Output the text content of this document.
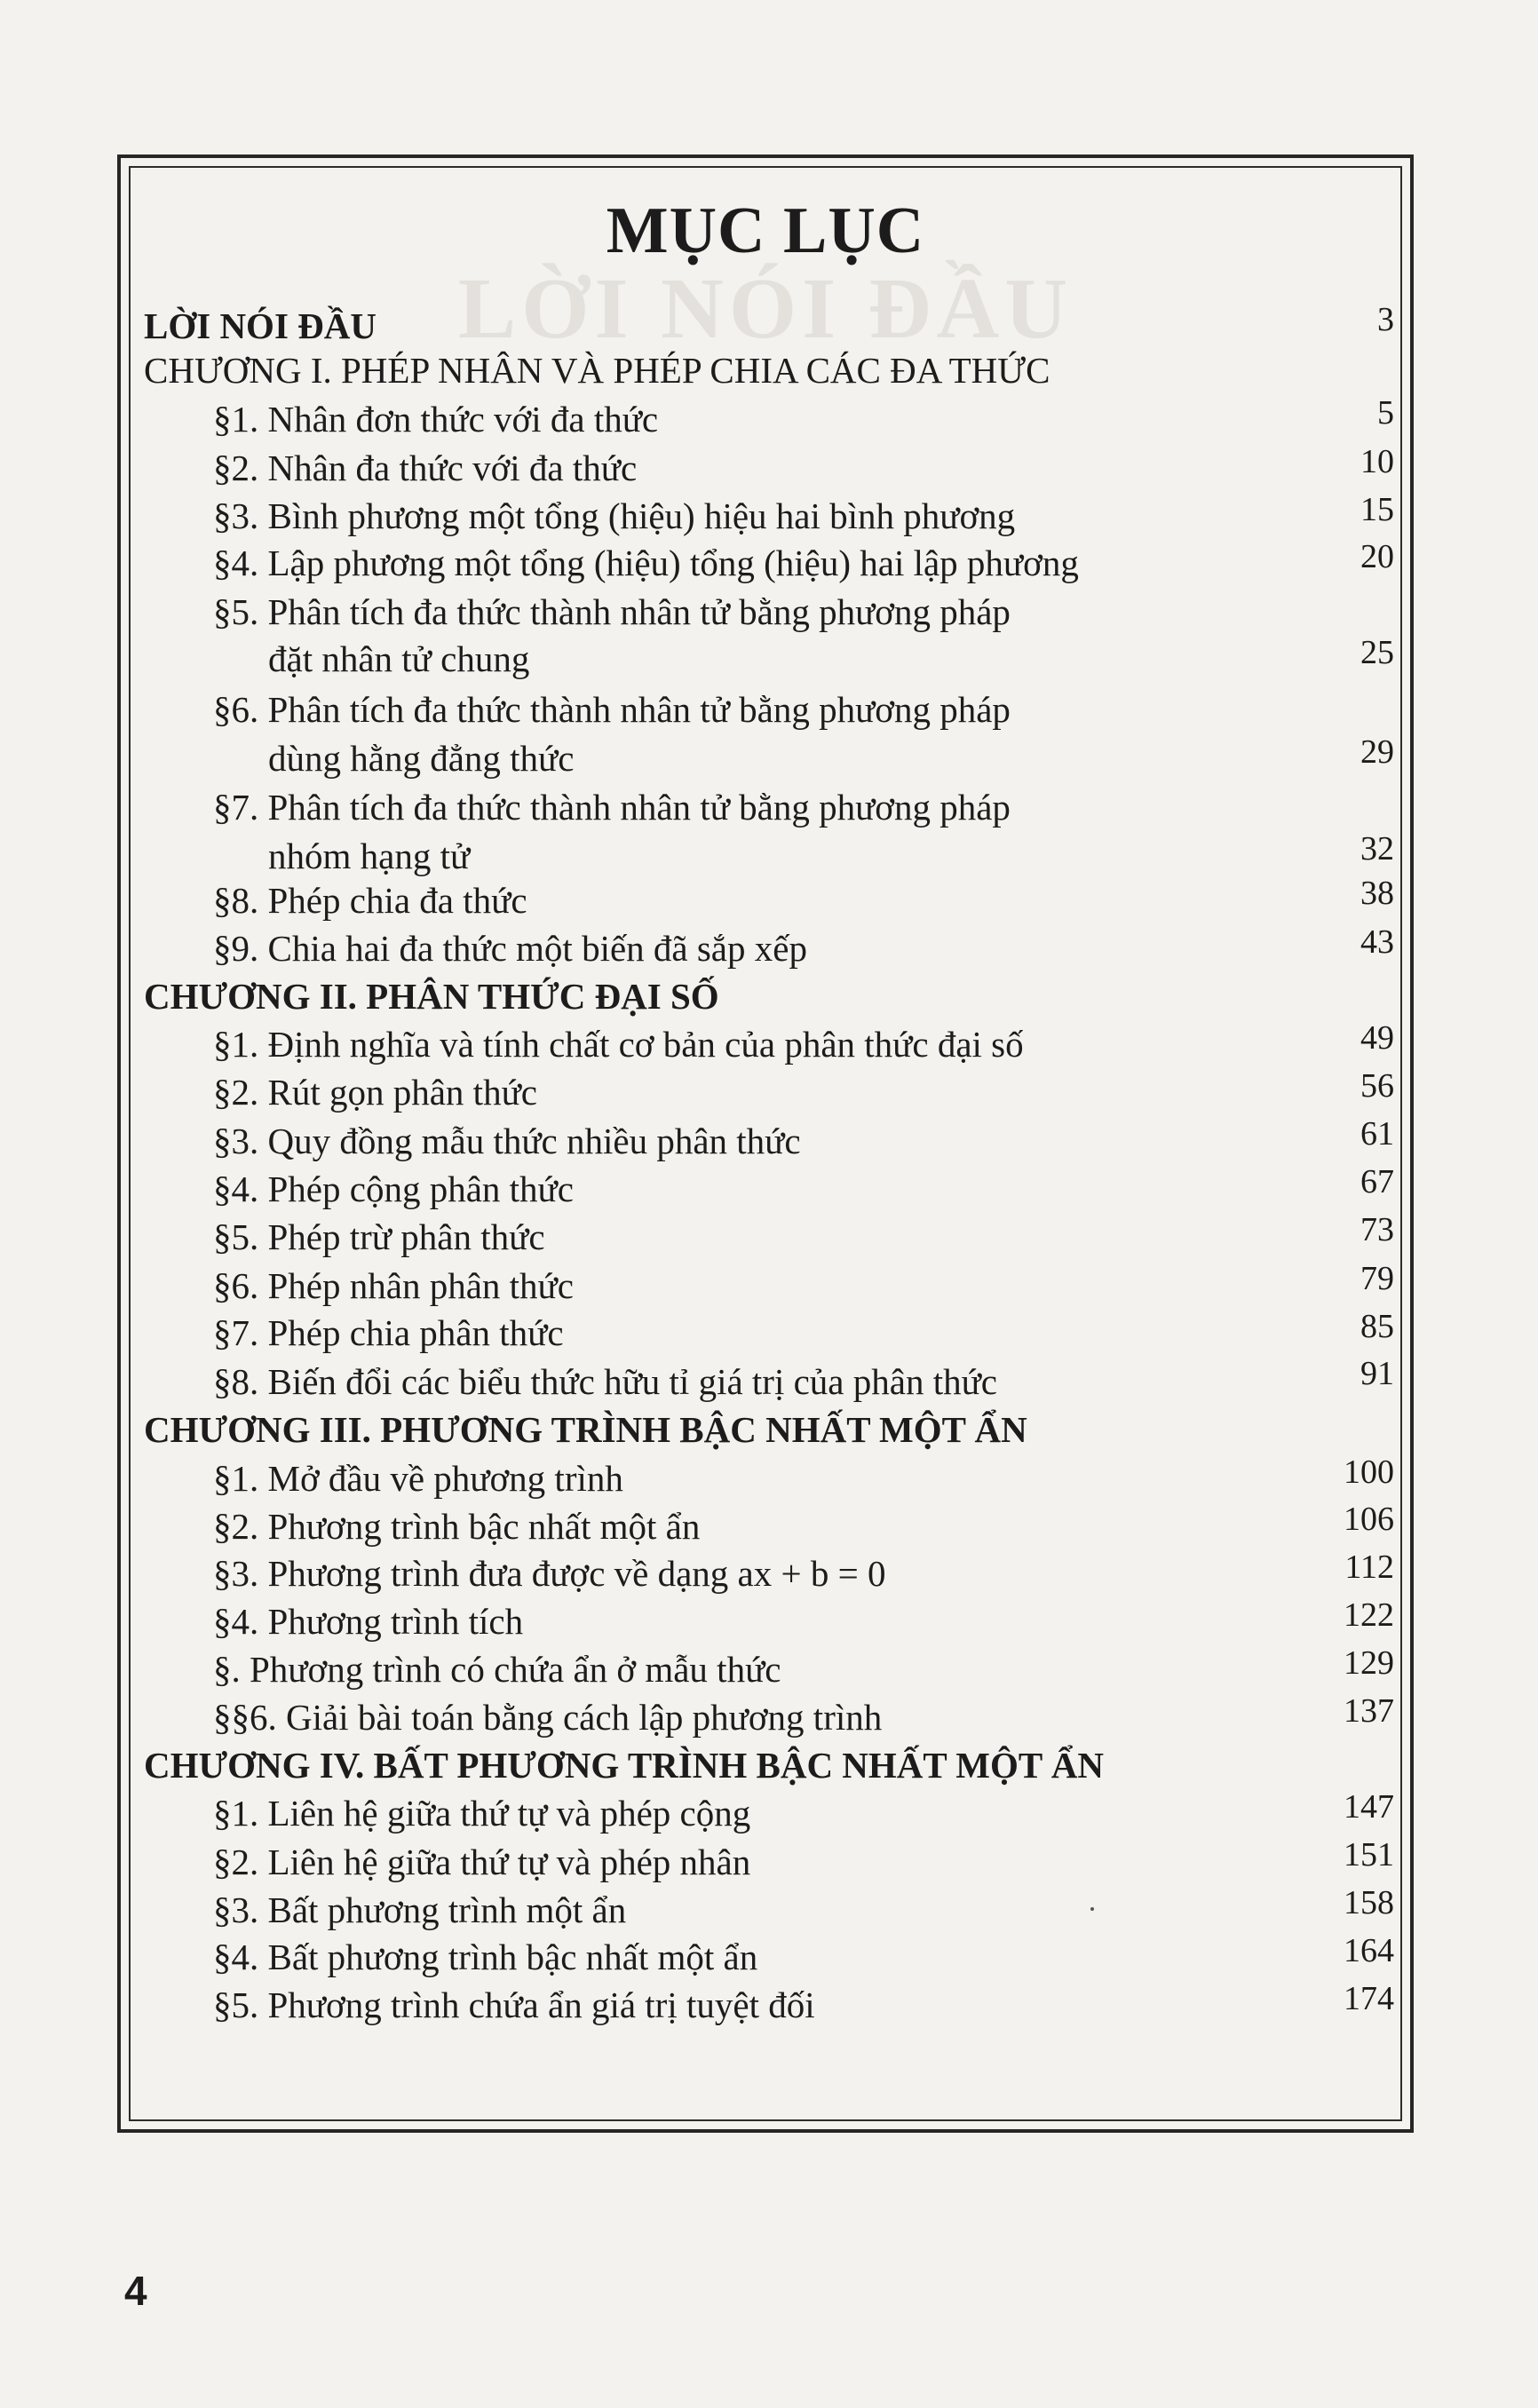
LỜI NÓI ĐẦU
MỤC LỤC
LỜI NÓI ĐẦU	3
CHƯƠNG I. PHÉP NHÂN VÀ PHÉP CHIA CÁC ĐA THỨC
§1. Nhân đơn thức với đa thức	5
§2. Nhân đa thức với đa thức	10
§3. Bình phương một tổng (hiệu) hiệu hai bình phương	15
§4. Lập phương một tổng (hiệu) tổng (hiệu) hai lập phương	20
§5. Phân tích đa thức thành nhân tử bằng phương pháp
đặt nhân tử chung	25
§6. Phân tích đa thức thành nhân tử bằng phương pháp
dùng hằng đẳng thức	29
§7. Phân tích đa thức thành nhân tử bằng phương pháp
nhóm hạng tử	32
§8. Phép chia đa thức	38
§9. Chia hai đa thức một biến đã sắp xếp	43
CHƯƠNG II. PHÂN THỨC ĐẠI SỐ
§1. Định nghĩa và tính chất cơ bản của phân thức đại số	49
§2. Rút gọn phân thức	56
§3. Quy đồng mẫu thức nhiều phân thức	61
§4. Phép cộng phân thức	67
§5. Phép trừ phân thức	73
§6. Phép nhân phân thức	79
§7. Phép chia phân thức	85
§8. Biến đổi các biểu thức hữu tỉ giá trị của phân thức	91
CHƯƠNG III. PHƯƠNG TRÌNH BẬC NHẤT MỘT ẨN
§1. Mở đầu về phương trình	100
§2. Phương trình bậc nhất một ẩn	106
§3. Phương trình đưa được về dạng ax + b = 0	112
§4. Phương trình tích	122
§. Phương trình có chứa ẩn ở mẫu thức	129
§§6. Giải bài toán bằng cách lập phương trình	137
CHƯƠNG IV. BẤT PHƯƠNG TRÌNH BẬC NHẤT MỘT ẨN
§1. Liên hệ giữa thứ tự và phép cộng	147
§2. Liên hệ giữa thứ tự và phép nhân	151
§3. Bất phương trình một ẩn	158
§4. Bất phương trình bậc nhất một ẩn	164
§5. Phương trình chứa ẩn giá trị tuyệt đối	174
4
